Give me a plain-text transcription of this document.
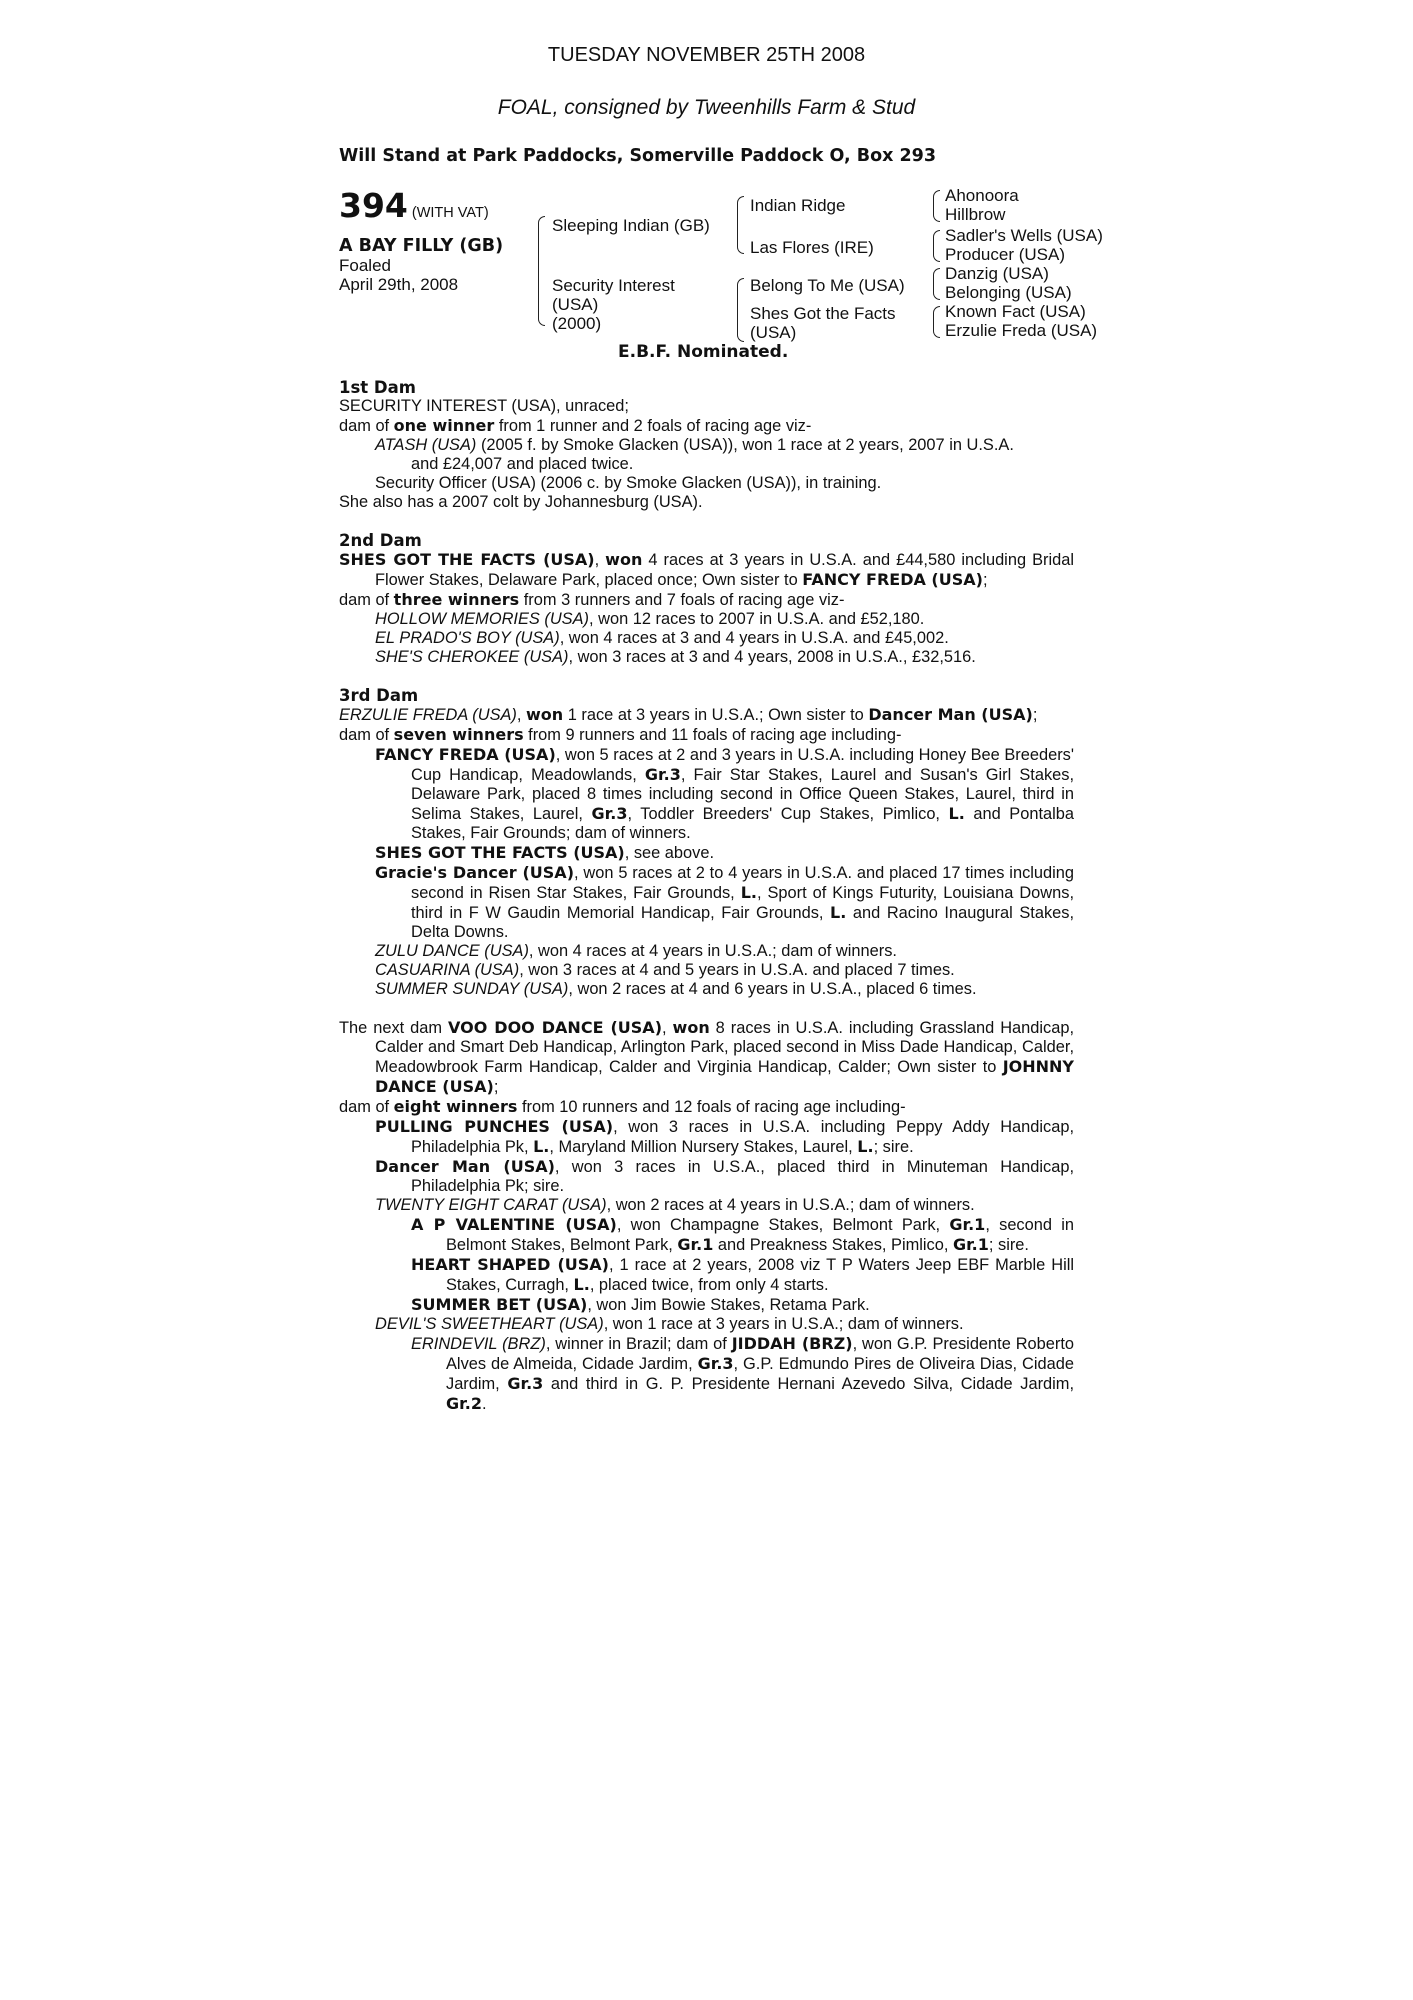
TUESDAY NOVEMBER 25TH 2008
FOAL, consigned by Tweenhills Farm & Stud
Will Stand at Park Paddocks, Somerville Paddock O, Box 293
394 (WITH VAT)
A BAY FILLY (GB)
Foaled
April 29th, 2008
Sleeping Indian (GB)
Security Interest
(USA)
(2000)
Indian Ridge
Las Flores (IRE)
Belong To Me (USA)
Shes Got the Facts
(USA)
Ahonoora
Hillbrow
Sadler's Wells (USA)
Producer (USA)
Danzig (USA)
Belonging (USA)
Known Fact (USA)
Erzulie Freda (USA)
E.B.F. Nominated.
1st Dam
SECURITY INTEREST (USA), unraced;
dam of one winner from 1 runner and 2 foals of racing age viz-
ATASH (USA) (2005 f. by Smoke Glacken (USA)), won 1 race at 2 years, 2007 in U.S.A.
and £24,007 and placed twice.
Security Officer (USA) (2006 c. by Smoke Glacken (USA)), in training.
She also has a 2007 colt by Johannesburg (USA).
2nd Dam
SHES GOT THE FACTS (USA), won 4 races at 3 years in U.S.A. and £44,580 including Bridal Flower Stakes, Delaware Park, placed once; Own sister to FANCY FREDA (USA);
dam of three winners from 3 runners and 7 foals of racing age viz-
HOLLOW MEMORIES (USA), won 12 races to 2007 in U.S.A. and £52,180.
EL PRADO'S BOY (USA), won 4 races at 3 and 4 years in U.S.A. and £45,002.
SHE'S CHEROKEE (USA), won 3 races at 3 and 4 years, 2008 in U.S.A., £32,516.
3rd Dam
ERZULIE FREDA (USA), won 1 race at 3 years in U.S.A.; Own sister to Dancer Man (USA);
dam of seven winners from 9 runners and 11 foals of racing age including-
FANCY FREDA (USA), won 5 races at 2 and 3 years in U.S.A. including Honey Bee Breeders' Cup Handicap, Meadowlands, Gr.3, Fair Star Stakes, Laurel and Susan's Girl Stakes, Delaware Park, placed 8 times including second in Office Queen Stakes, Laurel, third in Selima Stakes, Laurel, Gr.3, Toddler Breeders' Cup Stakes, Pimlico, L. and Pontalba Stakes, Fair Grounds; dam of winners.
SHES GOT THE FACTS (USA), see above.
Gracie's Dancer (USA), won 5 races at 2 to 4 years in U.S.A. and placed 17 times including second in Risen Star Stakes, Fair Grounds, L., Sport of Kings Futurity, Louisiana Downs, third in F W Gaudin Memorial Handicap, Fair Grounds, L. and Racino Inaugural Stakes, Delta Downs.
ZULU DANCE (USA), won 4 races at 4 years in U.S.A.; dam of winners.
CASUARINA (USA), won 3 races at 4 and 5 years in U.S.A. and placed 7 times.
SUMMER SUNDAY (USA), won 2 races at 4 and 6 years in U.S.A., placed 6 times.
The next dam VOO DOO DANCE (USA), won 8 races in U.S.A. including Grassland Handicap, Calder and Smart Deb Handicap, Arlington Park, placed second in Miss Dade Handicap, Calder, Meadowbrook Farm Handicap, Calder and Virginia Handicap, Calder; Own sister to JOHNNY DANCE (USA);
dam of eight winners from 10 runners and 12 foals of racing age including-
PULLING PUNCHES (USA), won 3 races in U.S.A. including Peppy Addy Handicap, Philadelphia Pk, L., Maryland Million Nursery Stakes, Laurel, L.; sire.
Dancer Man (USA), won 3 races in U.S.A., placed third in Minuteman Handicap, Philadelphia Pk; sire.
TWENTY EIGHT CARAT (USA), won 2 races at 4 years in U.S.A.; dam of winners.
A P VALENTINE (USA), won Champagne Stakes, Belmont Park, Gr.1, second in Belmont Stakes, Belmont Park, Gr.1 and Preakness Stakes, Pimlico, Gr.1; sire.
HEART SHAPED (USA), 1 race at 2 years, 2008 viz T P Waters Jeep EBF Marble Hill Stakes, Curragh, L., placed twice, from only 4 starts.
SUMMER BET (USA), won Jim Bowie Stakes, Retama Park.
DEVIL'S SWEETHEART (USA), won 1 race at 3 years in U.S.A.; dam of winners.
ERINDEVIL (BRZ), winner in Brazil; dam of JIDDAH (BRZ), won G.P. Presidente Roberto Alves de Almeida, Cidade Jardim, Gr.3, G.P. Edmundo Pires de Oliveira Dias, Cidade Jardim, Gr.3 and third in G. P. Presidente Hernani Azevedo Silva, Cidade Jardim, Gr.2.
